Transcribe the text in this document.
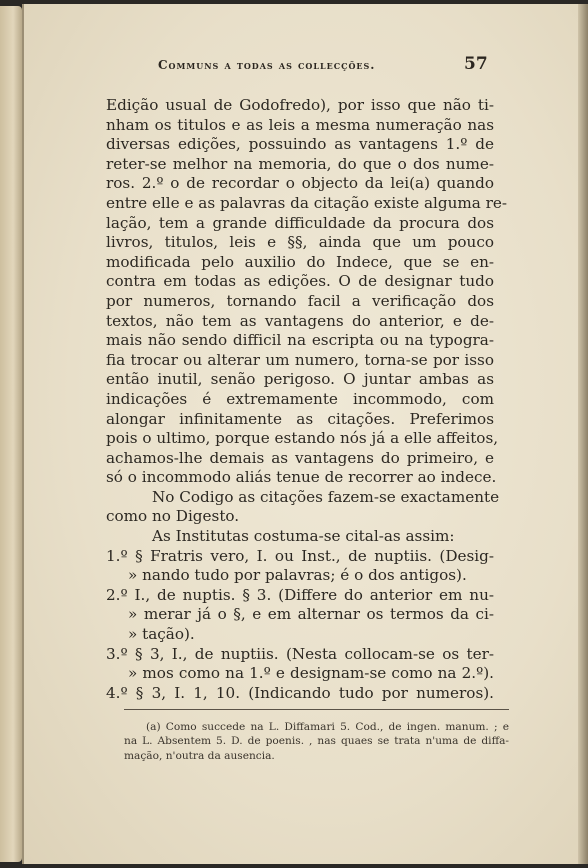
Communs a todas as collecções.	57
Edição usual de Godofredo), por isso que não ti-
nham os titulos e as leis a mesma numeração nas
diversas edições, possuindo as vantagens 1.º de
reter-se melhor na memoria, do que o dos nume-
ros. 2.º o de recordar o objecto da lei(a) quando
entre elle e as palavras da citação existe alguma re-
lação, tem a grande difficuldade da procura dos
livros, titulos, leis e §§, ainda que um pouco
modificada pelo auxilio do Indece, que se en-
contra em todas as edições. O de designar tudo
por numeros, tornando facil a verificação dos
textos, não tem as vantagens do anterior, e de-
mais não sendo difficil na escripta ou na typogra-
fia trocar ou alterar um numero, torna-se por isso
então inutil, senão perigoso. O juntar ambas as
indicações é extremamente incommodo, com
alongar infinitamente as citações. Preferimos
pois o ultimo, porque estando nós já a elle affeitos,
achamos-lhe demais as vantagens do primeiro, e
só o incommodo aliás tenue de recorrer ao indece.
No Codigo as citações fazem-se exactamente
como no Digesto.
As Institutas costuma-se cital-as assim:
1.º § Fratris vero, I. ou Inst., de nuptiis. (Desig-
» nando tudo por palavras; é o dos antigos).
2.º I., de nuptis. § 3. (Differe do anterior em nu-
» merar já o §, e em alternar os termos da ci-
» tação).
3.º § 3, I., de nuptiis. (Nesta collocam-se os ter-
» mos como na 1.º e designam-se como na 2.º).
4.º § 3, I. 1, 10. (Indicando tudo por numeros).
(a) Como succede na L. Diffamari 5. Cod., de ingen. manum. ; e
na L. Absentem 5. D. de poenis. , nas quaes se trata n'uma de diffa-
mação, n'outra da ausencia.
